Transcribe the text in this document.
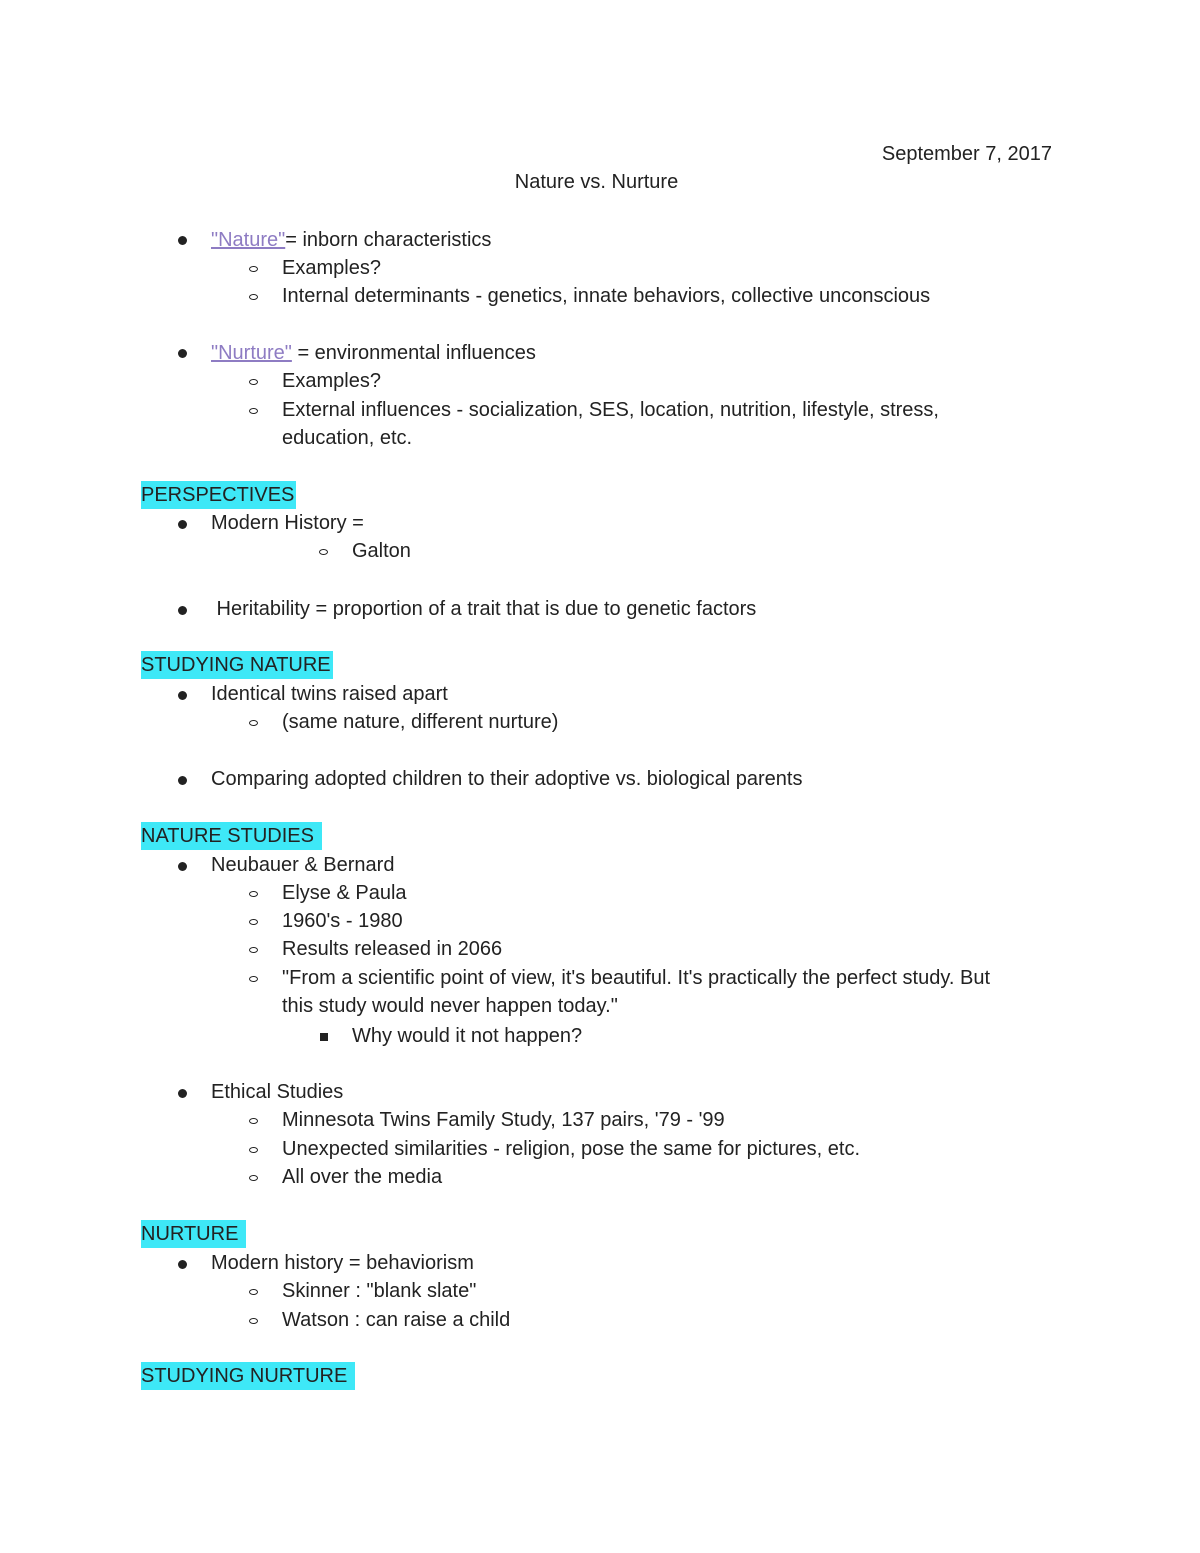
September 7, 2017
Nature vs. Nurture
"Nature"= inborn characteristics
Examples?
Internal determinants - genetics, innate behaviors, collective unconscious
"Nurture" = environmental influences
Examples?
External influences - socialization, SES, location, nutrition, lifestyle, stress,
education, etc.
PERSPECTIVES
Modern History =
Galton
Heritability = proportion of a trait that is due to genetic factors
STUDYING NATURE
Identical twins raised apart
(same nature, different nurture)
Comparing adopted children to their adoptive vs. biological parents
NATURE STUDIES
Neubauer & Bernard
Elyse & Paula
1960's - 1980
Results released in 2066
"From a scientific point of view, it's beautiful. It's practically the perfect study. But
this study would never happen today."
Why would it not happen?
Ethical Studies
Minnesota Twins Family Study, 137 pairs, '79 - '99
Unexpected similarities - religion, pose the same for pictures, etc.
All over the media
NURTURE
Modern history = behaviorism
Skinner : "blank slate"
Watson : can raise a child
STUDYING NURTURE
